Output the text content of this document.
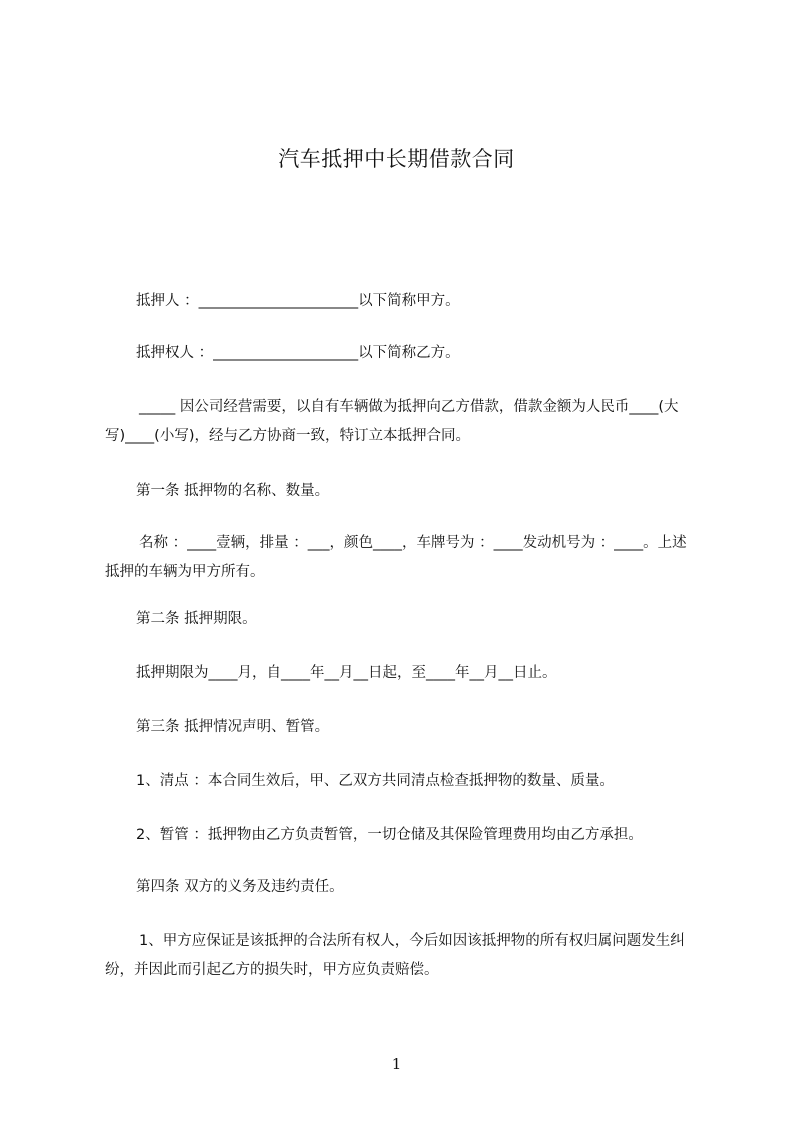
汽车抵押中长期借款合同

抵押人 ：______________________以下简称甲方。

抵押权人 ：____________________以下简称乙方。

_____ 因公司经营需要，以自有车辆做为抵押向乙方借款，借款金额为人民币____(大写)____(小写)，经与乙方协商一致，特订立本抵押合同。

第一条 抵押物的名称、数量。

名称 ：____壹辆，排量 ：___，颜色____，车牌号为 ：____发动机号为 ：____。上述抵押的车辆为甲方所有。

第二条 抵押期限。

抵押期限为____月，自____年__月__日起，至____年__月__日止。

第三条 抵押情况声明、暂管。

1、清点 ：本合同生效后，甲、乙双方共同清点检查抵押物的数量、质量。

2、暂管 ：抵押物由乙方负责暂管，一切仓储及其保险管理费用均由乙方承担。

第四条 双方的义务及违约责任。

1、甲方应保证是该抵押的合法所有权人，今后如因该抵押物的所有权归属问题发生纠纷，并因此而引起乙方的损失时，甲方应负责赔偿。

1
